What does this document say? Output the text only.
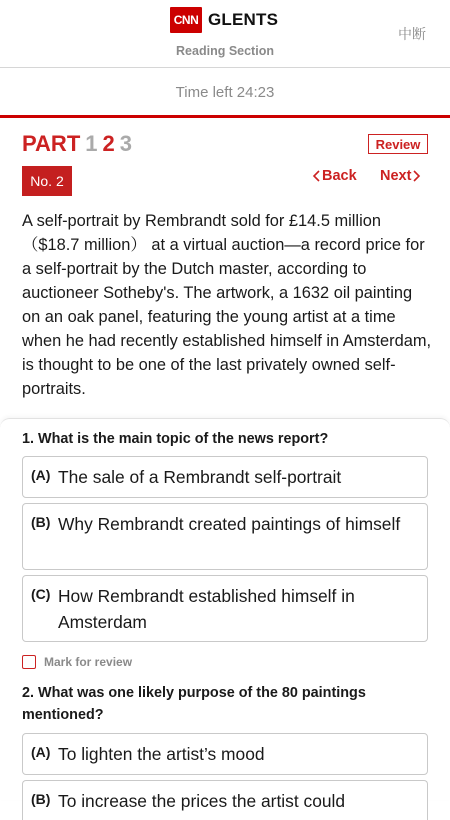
CNN GLENTS
Reading Section
中断
Time left 24:23
PART 1 2 3	Review
No. 2	Back Next
A self-portrait by Rembrandt sold for £14.5 million （$18.7 million） at a virtual auction—a record price for a self-portrait by the Dutch master, according to auctioneer Sotheby's. The artwork, a 1632 oil painting on an oak panel, featuring the young artist at a time when he had recently established himself in Amsterdam, is thought to be one of the last privately owned self-portraits.
1. What is the main topic of the news report?
(A) The sale of a Rembrandt self-portrait
(B) Why Rembrandt created paintings of himself
(C) How Rembrandt established himself in Amsterdam
Mark for review
2. What was one likely purpose of the 80 paintings mentioned?
(A) To lighten the artist’s mood
(B) To increase the prices the artist could
